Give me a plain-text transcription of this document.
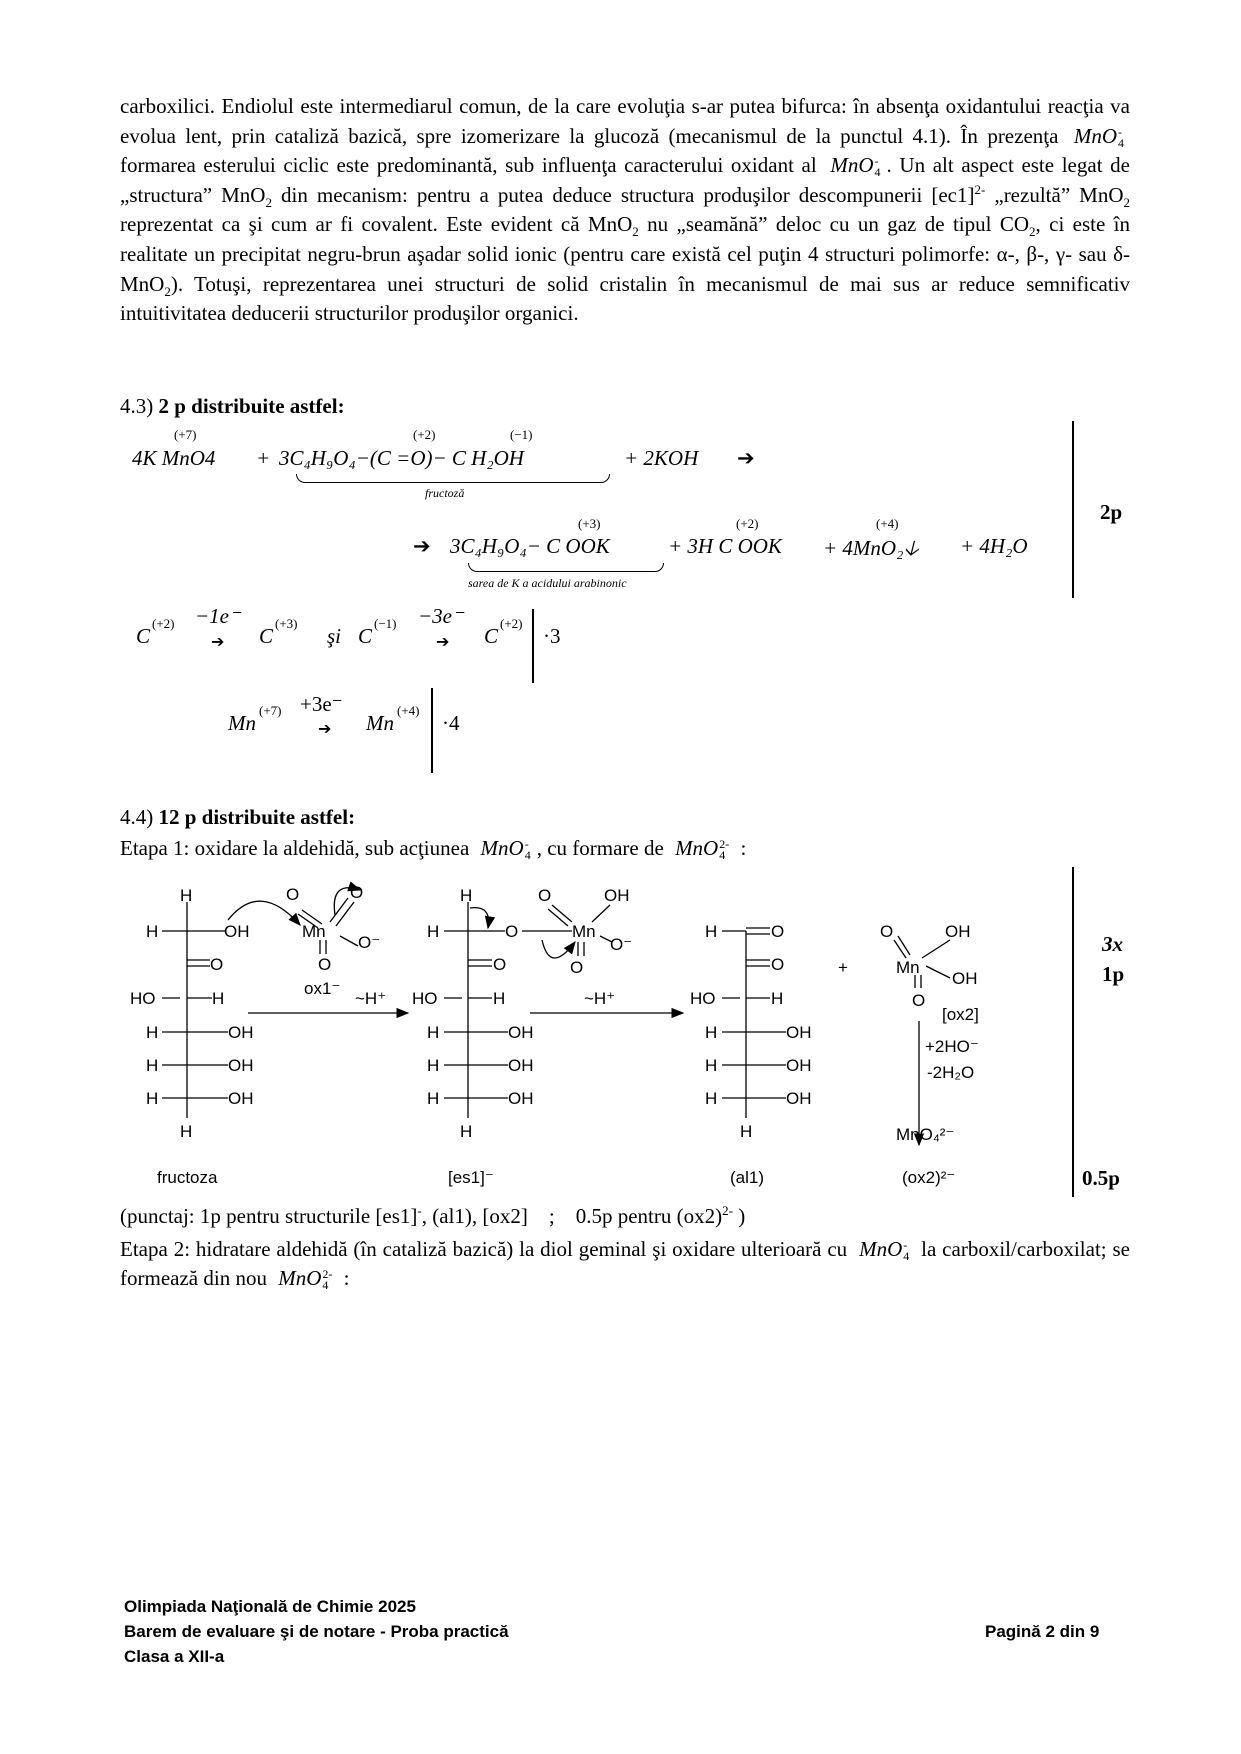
carboxilici. Endiolul este intermediarul comun, de la care evoluţia s-ar putea bifurca: în absenţa oxidantului reacţia va evolua lent, prin cataliză bazică, spre izomerizare la glucoză (mecanismul de la punctul 4.1). În prezenţa MnO -
4
formarea esterului ciclic este predominantă, sub influenţa caracterului oxidant al MnO -
4 . Un alt aspect este legat de „structura” MnO$_2$ din mecanism: pentru a putea deduce structura produşilor descompunerii $[ec1]^{2-}$ „rezultă” MnO$_2$ reprezentat ca şi cum ar fi covalent. Este evident că MnO$_2$ nu „seamănă” deloc cu un gaz de tipul $CO_2$, ci este în realitate un precipitat negru-brun aşadar solid ionic (pentru care există cel puţin 4 structuri polimorfe: α-, β-, γ- sau δ-MnO$_2$). Totuşi, reprezentarea unei structuri de solid cristalin în mecanismul de mai sus ar reduce semnificativ intuitivitatea deducerii structurilor produşilor organici.
4.3) 2 p distribuite astfel:
4K MnO4 + 3C₄H₉O₄−(C =O)− C H₂OH	+ 2KOH ➔
(+7)	(+2)	(−1)
fructoză
➔ 3C₄H₉O₄− C OOK	+ 3H C OOK + 4MnO₂🡣 + 4H₂O
(+3)	(+2)	(+4)
sarea de K a acidului arabinonic
2p
C
(+2) −1e⁻
➔ C
(+3)
şi C
(−1) −3e⁻
➔ C
(+2)
·3
Mn
(+7) +3e⁻
➔ Mn
(+4)
·4
4.4) 12 p distribuite astfel:
Etapa 1: oxidare la aldehidă, sub acţiunea MnO -
4 , cu formare de MnO 2-
4 :
H
H	OH
O
HO	H
H	OH
H	OH
H	OH
H
O	O
Mn
O⁻
O
ox1⁻
~H⁺
H
H	O	Mn
O⁻
O	OH
O
O
HO	H
H	OH
H	OH
H	OH
H
~H⁺
H	O
O
HO	H
H	OH
H	OH
H	OH
H
+
O	OH
Mn
OH
O
[ox2]
+2HO⁻
-2H₂O
MnO₄²⁻
fructoza	[es1]⁻	(al1)	(ox2)²⁻
3x
1p
0.5p
(punctaj: 1p pentru structurile [es1]-, (al1), [ox2]    ;    0.5p pentru $(ox2)^{2-}$ )
Etapa 2: hidratare aldehidă (în cataliză bazică) la diol geminal şi oxidare ulterioară cu MnO -
4 la carboxil/carboxilat; se formează din nou MnO 2-
4 :
Olimpiada Naţională de Chimie 2025
Barem de evaluare şi de notare - Proba practică
Clasa a XII-a
Pagină 2 din 9
